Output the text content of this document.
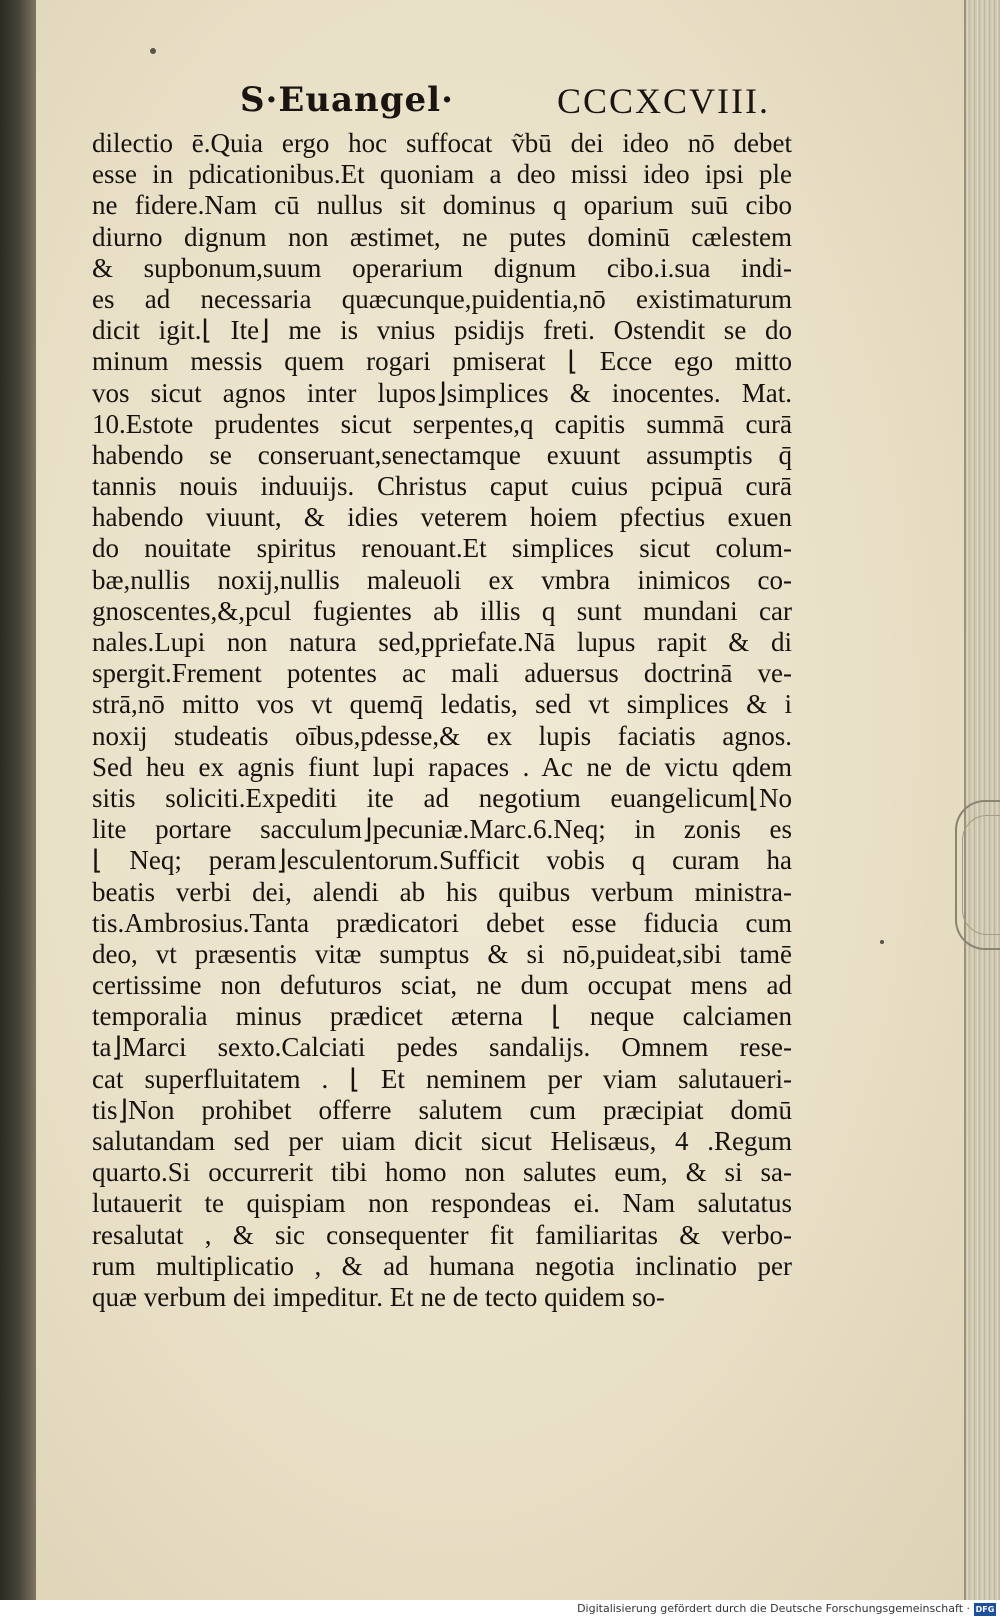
S·Euangel·	CCCXCVIII.
dilectio ē.Quia ergo hoc suffocat ṽbū dei ideo nō debet
esse in pdicationibus.Et quoniam a deo missi ideo ipsi ple
ne fidere.Nam cū nullus sit dominus q oparium suū cibo
diurno dignum non æstimet, ne putes dominū cælestem
& supbonum,suum operarium dignum cibo.i.sua indi-
es ad necessaria quæcunque,puidentia,nō existimaturum
dicit igit.⌊ Ite⌋ me is vnius psidijs freti. Ostendit se do
minum messis quem rogari pmiserat ⌊ Ecce ego mitto
vos sicut agnos inter lupos⌋simplices & inocentes. Mat.
10.Estote prudentes sicut serpentes,q capitis summā curā
habendo se conseruant,senectamque exuunt assumptis q̄
tannis nouis induuijs. Christus caput cuius pcipuā curā
habendo viuunt, & idies veterem hoiem pfectius exuen
do nouitate spiritus renouant.Et simplices sicut colum-
bæ,nullis noxij,nullis maleuoli ex vmbra inimicos co-
gnoscentes,&,pcul fugientes ab illis q sunt mundani car
nales.Lupi non natura sed,ppriefate.Nā lupus rapit & di
spergit.Frement potentes ac mali aduersus doctrinā ve-
strā,nō mitto vos vt quemq̄ ledatis, sed vt simplices & i
noxij studeatis oībus,pdesse,& ex lupis faciatis agnos.
Sed heu ex agnis fiunt lupi rapaces . Ac ne de victu qdem
sitis soliciti.Expediti ite ad negotium euangelicum⌊No
lite portare sacculum⌋pecuniæ.Marc.6.Neq; in zonis es
⌊ Neq; peram⌋esculentorum.Sufficit vobis q curam ha
beatis verbi dei, alendi ab his quibus verbum ministra-
tis.Ambrosius.Tanta prædicatori debet esse fiducia cum
deo, vt præsentis vitæ sumptus & si nō,puideat,sibi tamē
certissime non defuturos sciat, ne dum occupat mens ad
temporalia minus prædicet æterna ⌊ neque calciamen
ta⌋Marci sexto.Calciati pedes sandalijs. Omnem rese-
cat superfluitatem . ⌊ Et neminem per viam salutaueri-
tis⌋Non prohibet offerre salutem cum præcipiat domū
salutandam sed per uiam dicit sicut Helisæus, 4 .Regum
quarto.Si occurrerit tibi homo non salutes eum, & si sa-
lutauerit te quispiam non respondeas ei. Nam salutatus
resalutat , & sic consequenter fit familiaritas & verbo-
rum multiplicatio , & ad humana negotia inclinatio per
quæ verbum dei impeditur. Et ne de tecto quidem so-
Digitalisierung gefördert durch die Deutsche Forschungsgemeinschaft · DFG
